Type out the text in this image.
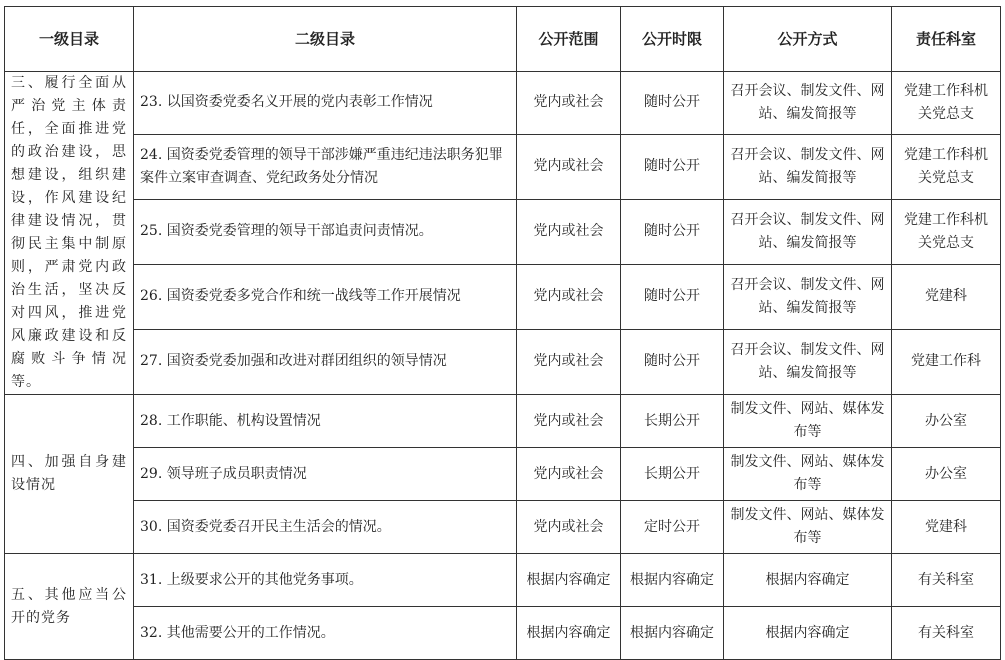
一级目录	二级目录	公开范围	公开时限	公开方式	责任科室
三、履行全面从严治党主体责任，全面推进党的政治建设，思想建设，组织建设，作风建设纪律建设情况，贯彻民主集中制原则，严肃党内政治生活，坚决反对四风，推进党风廉政建设和反腐败斗争情况等。	23. 以国资委党委名义开展的党内表彰工作情况	党内或社会	随时公开	召开会议、制发文件、网站、编发简报等	党建工作科机关党总支
	24. 国资委党委管理的领导干部涉嫌严重违纪违法职务犯罪案件立案审查调查、党纪政务处分情况	党内或社会	随时公开	召开会议、制发文件、网站、编发简报等	党建工作科机关党总支
	25. 国资委党委管理的领导干部追责问责情况。	党内或社会	随时公开	召开会议、制发文件、网站、编发简报等	党建工作科机关党总支
	26. 国资委党委多党合作和统一战线等工作开展情况	党内或社会	随时公开	召开会议、制发文件、网站、编发简报等	党建科
	27. 国资委党委加强和改进对群团组织的领导情况	党内或社会	随时公开	召开会议、制发文件、网站、编发简报等	党建工作科
四、加强自身建设情况	28. 工作职能、机构设置情况	党内或社会	长期公开	制发文件、网站、媒体发布等	办公室
	29. 领导班子成员职责情况	党内或社会	长期公开	制发文件、网站、媒体发布等	办公室
	30. 国资委党委召开民主生活会的情况。	党内或社会	定时公开	制发文件、网站、媒体发布等	党建科
五、其他应当公开的党务	31. 上级要求公开的其他党务事项。	根据内容确定	根据内容确定	根据内容确定	有关科室
	32. 其他需要公开的工作情况。	根据内容确定	根据内容确定	根据内容确定	有关科室
